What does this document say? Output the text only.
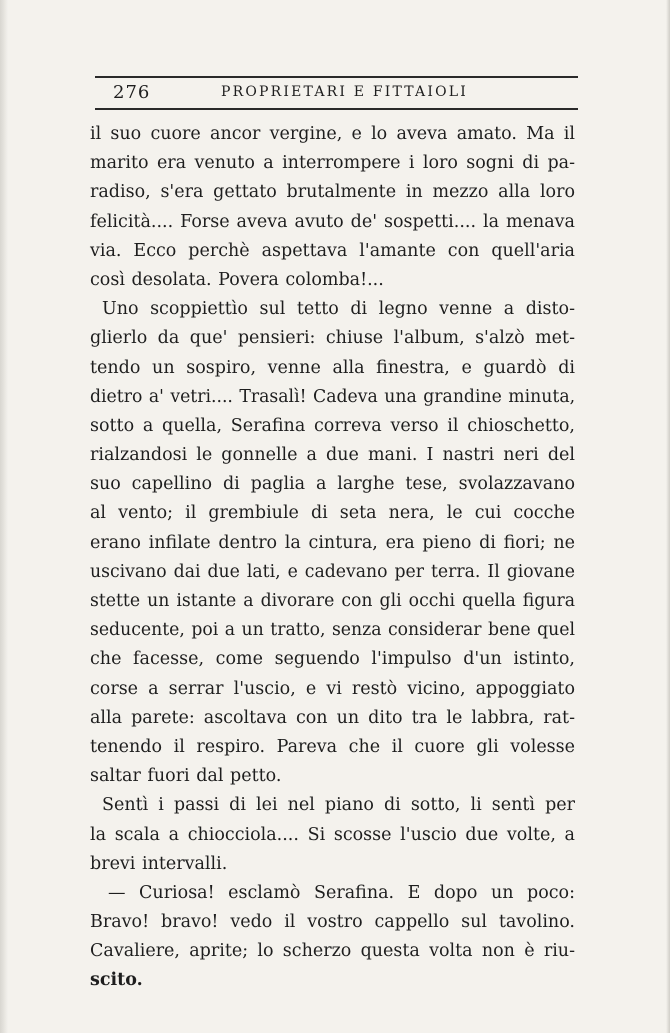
276	PROPRIETARI E FITTAIOLI
il suo cuore ancor vergine, e lo aveva amato. Ma il
marito era venuto a interrompere i loro sogni di pa-
radiso, s'era gettato brutalmente in mezzo alla loro
felicità.... Forse aveva avuto de' sospetti.... la menava
via. Ecco perchè aspettava l'amante con quell'aria
così desolata. Povera colomba!...
Uno scoppiettìo sul tetto di legno venne a disto-
glierlo da que' pensieri: chiuse l'album, s'alzò met-
tendo un sospiro, venne alla finestra, e guardò di
dietro a' vetri.... Trasalì! Cadeva una grandine minuta,
sotto a quella, Serafina correva verso il chioschetto,
rialzandosi le gonnelle a due mani. I nastri neri del
suo capellino di paglia a larghe tese, svolazzavano
al vento; il grembiule di seta nera, le cui cocche
erano infilate dentro la cintura, era pieno di fiori; ne
uscivano dai due lati, e cadevano per terra. Il giovane
stette un istante a divorare con gli occhi quella figura
seducente, poi a un tratto, senza considerar bene quel
che facesse, come seguendo l'impulso d'un istinto,
corse a serrar l'uscio, e vi restò vicino, appoggiato
alla parete: ascoltava con un dito tra le labbra, rat-
tenendo il respiro. Pareva che il cuore gli volesse
saltar fuori dal petto.
Sentì i passi di lei nel piano di sotto, li sentì per
la scala a chiocciola.... Si scosse l'uscio due volte, a
brevi intervalli.
— Curiosa! esclamò Serafina. E dopo un poco:
Bravo! bravo! vedo il vostro cappello sul tavolino.
Cavaliere, aprite; lo scherzo questa volta non è riu-
scito.
